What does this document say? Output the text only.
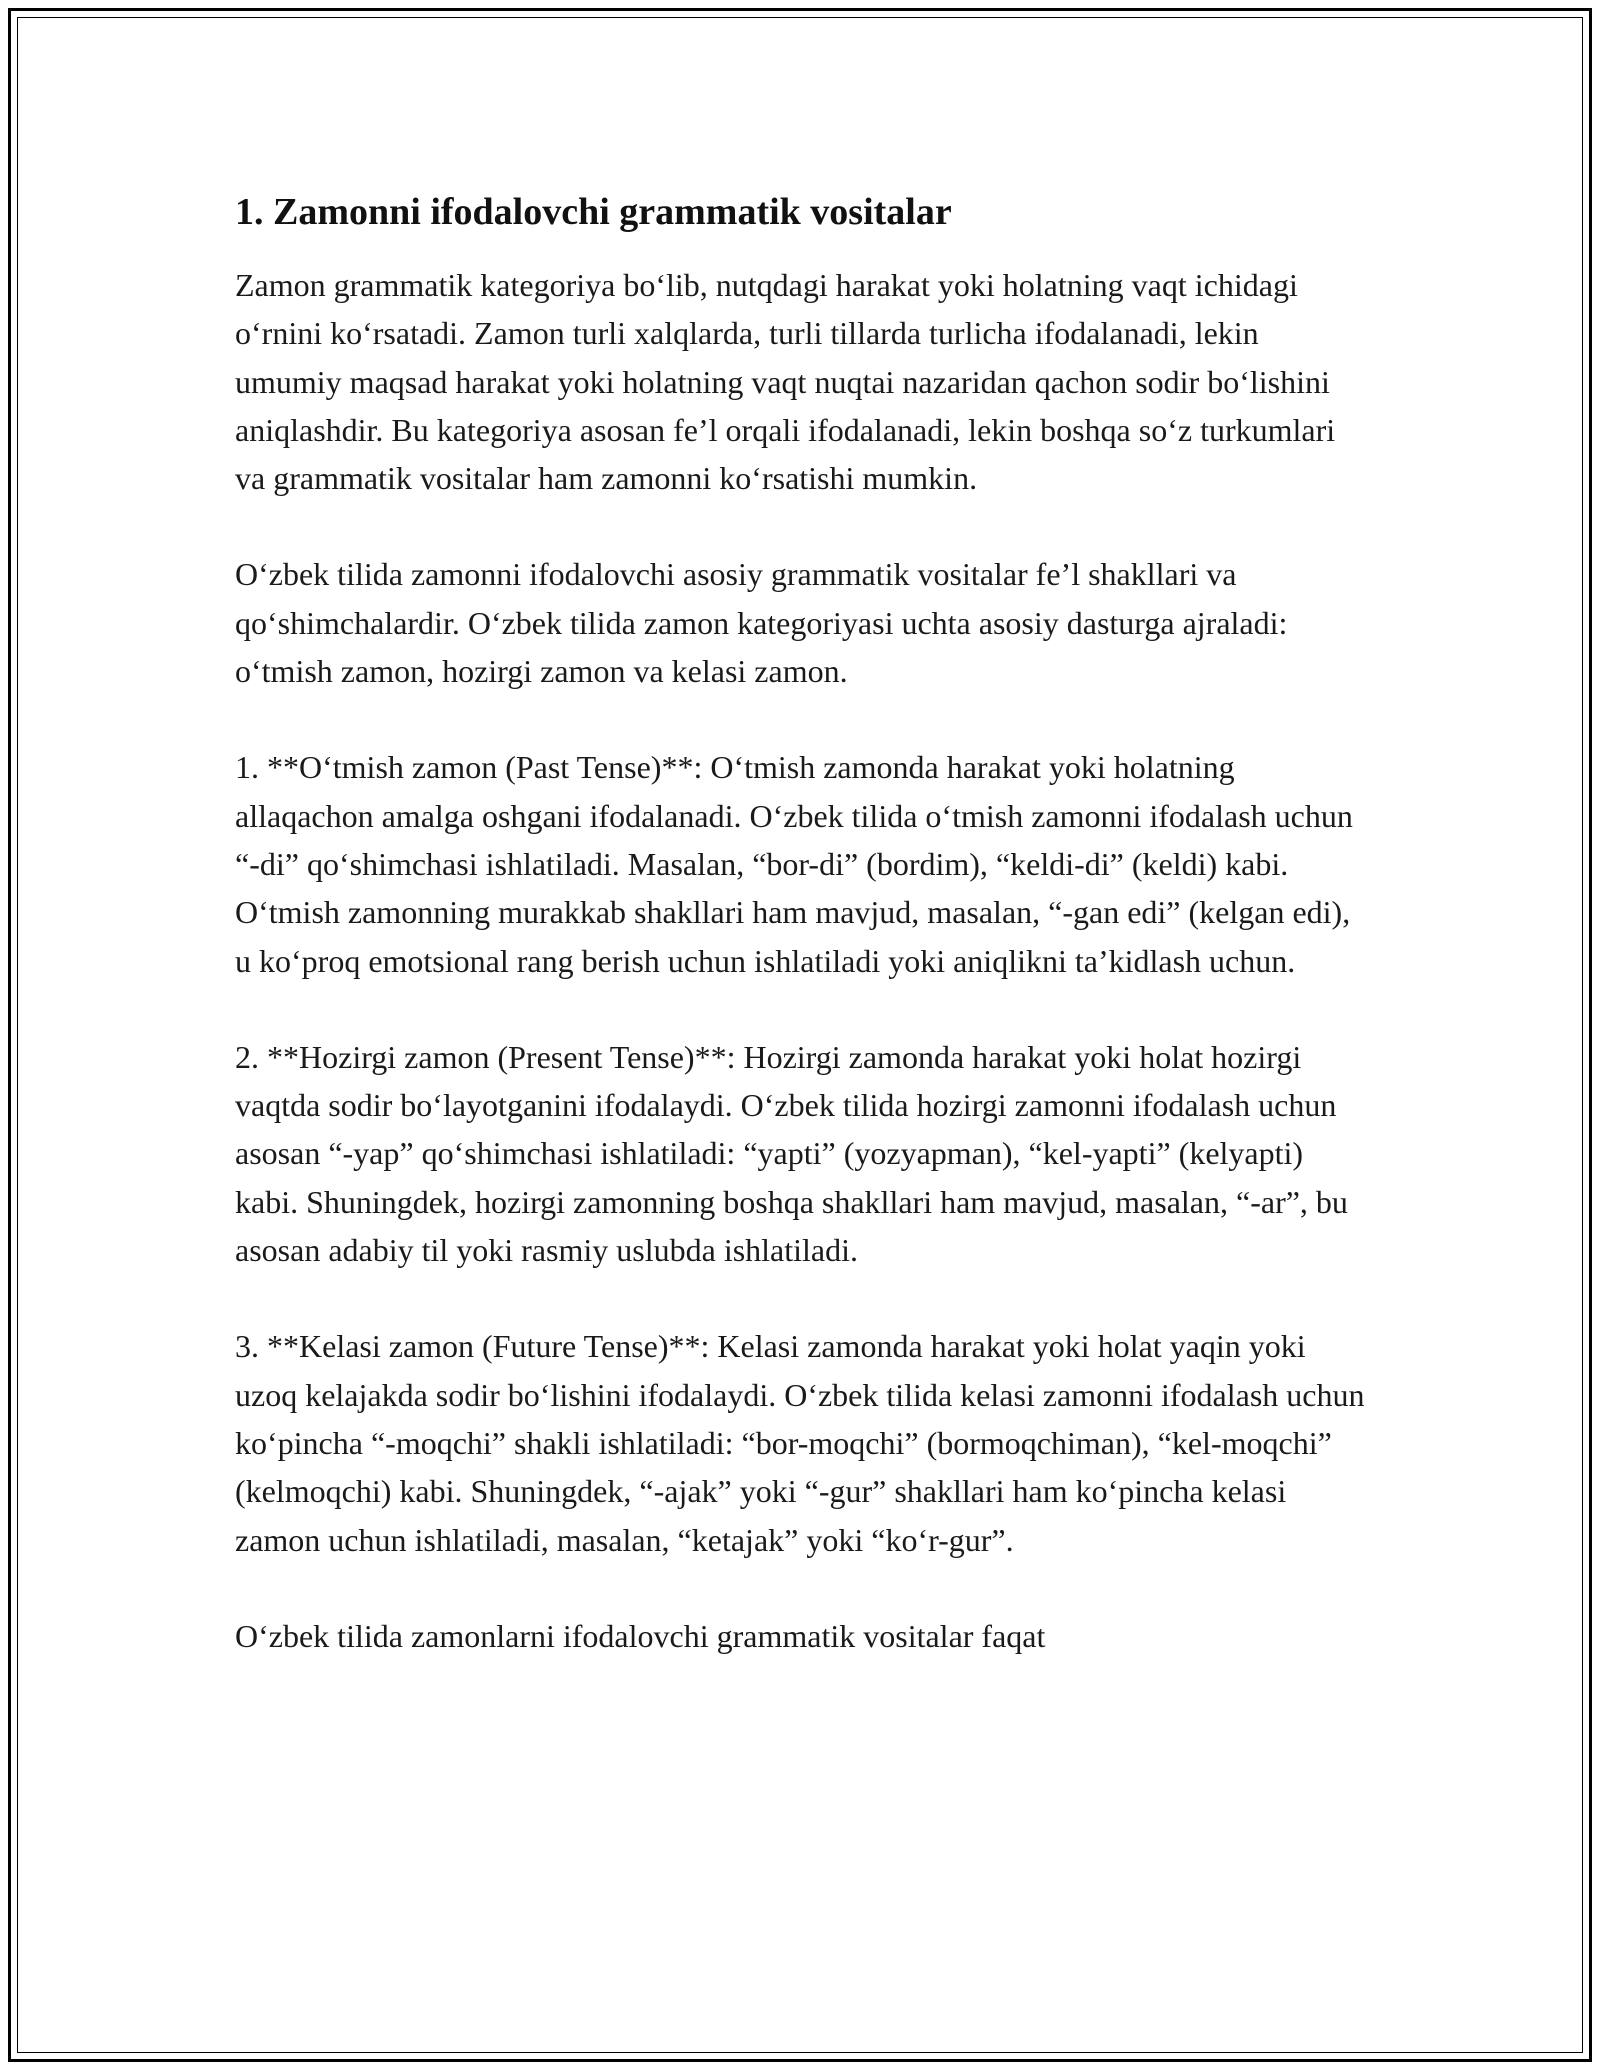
1. Zamonni ifodalovchi grammatik vositalar

Zamon grammatik kategoriya bo‘lib, nutqdagi harakat yoki holatning vaqt ichidagi o‘rnini ko‘rsatadi. Zamon turli xalqlarda, turli tillarda turlicha ifodalanadi, lekin umumiy maqsad harakat yoki holatning vaqt nuqtai nazaridan qachon sodir bo‘lishini aniqlashdir. Bu kategoriya asosan fe’l orqali ifodalanadi, lekin boshqa so‘z turkumlari va grammatik vositalar ham zamonni ko‘rsatishi mumkin.

O‘zbek tilida zamonni ifodalovchi asosiy grammatik vositalar fe’l shakllari va qo‘shimchalardir. O‘zbek tilida zamon kategoriyasi uchta asosiy dasturga ajraladi: o‘tmish zamon, hozirgi zamon va kelasi zamon.

1. **O‘tmish zamon (Past Tense)**: O‘tmish zamonda harakat yoki holatning allaqachon amalga oshgani ifodalanadi. O‘zbek tilida o‘tmish zamonni ifodalash uchun “-di” qo‘shimchasi ishlatiladi. Masalan, “bor-di” (bordim), “keldi-di” (keldi) kabi. O‘tmish zamonning murakkab shakllari ham mavjud, masalan, “-gan edi” (kelgan edi), u ko‘proq emotsional rang berish uchun ishlatiladi yoki aniqlikni ta’kidlash uchun.

2. **Hozirgi zamon (Present Tense)**: Hozirgi zamonda harakat yoki holat hozirgi vaqtda sodir bo‘layotganini ifodalaydi. O‘zbek tilida hozirgi zamonni ifodalash uchun asosan “-yap” qo‘shimchasi ishlatiladi: “yapti” (yozyapman), “kel-yapti” (kelyapti) kabi. Shuningdek, hozirgi zamonning boshqa shakllari ham mavjud, masalan, “-ar”, bu asosan adabiy til yoki rasmiy uslubda ishlatiladi.

3. **Kelasi zamon (Future Tense)**: Kelasi zamonda harakat yoki holat yaqin yoki uzoq kelajakda sodir bo‘lishini ifodalaydi. O‘zbek tilida kelasi zamonni ifodalash uchun ko‘pincha “-moqchi” shakli ishlatiladi: “bor-moqchi” (bormoqchiman), “kel-moqchi” (kelmoqchi) kabi. Shuningdek, “-ajak” yoki “-gur” shakllari ham ko‘pincha kelasi zamon uchun ishlatiladi, masalan, “ketajak” yoki “ko‘r-gur”.

O‘zbek tilida zamonlarni ifodalovchi grammatik vositalar faqat
